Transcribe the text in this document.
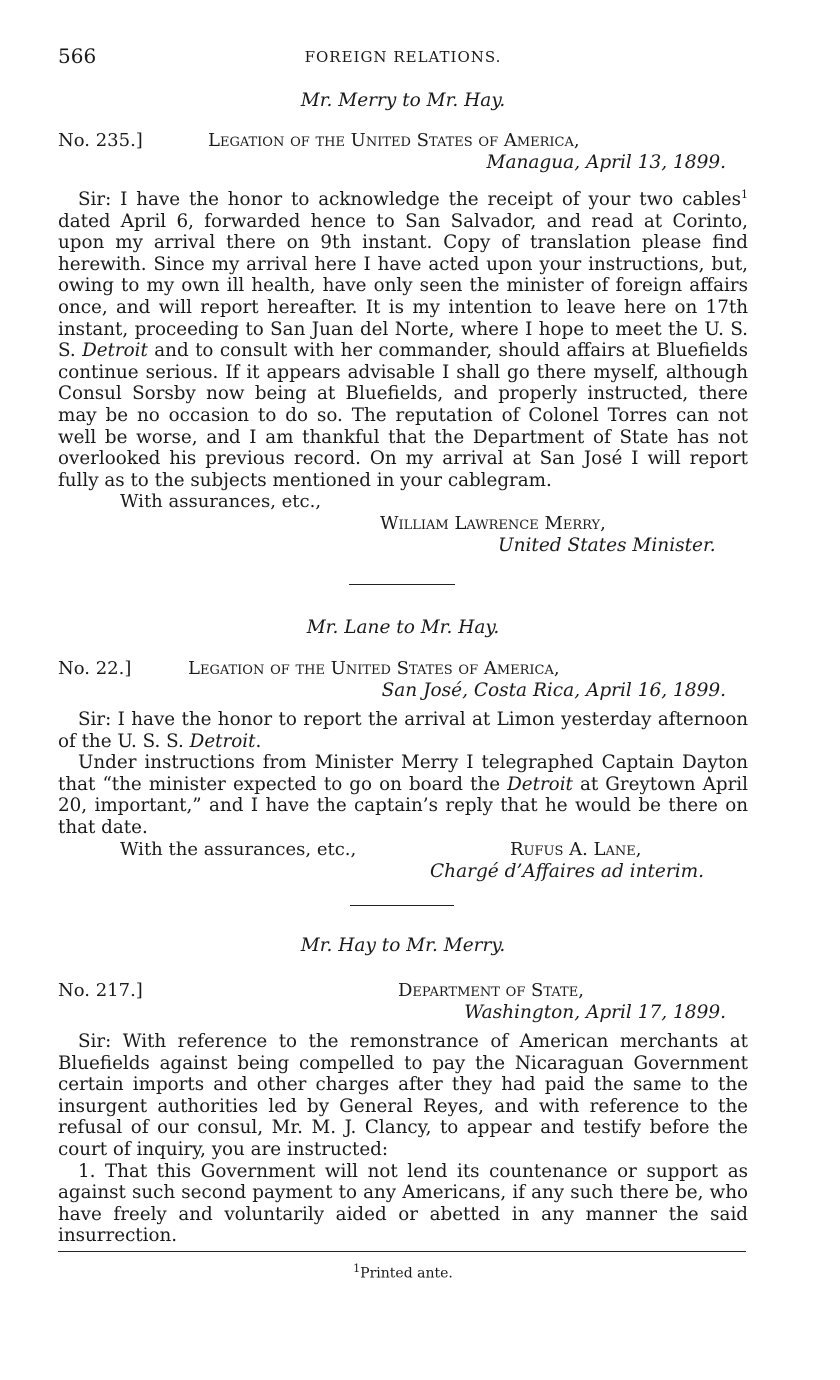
566	FOREIGN RELATIONS.
Mr. Merry to Mr. Hay.
No. 235.]	Legation of the United States of America,
Managua, April 13, 1899.

Sir: I have the honor to acknowledge the receipt of your two cables$^1$ dated April 6, forwarded hence to San Salvador, and read at Corinto, upon my arrival there on 9th instant. Copy of translation please find herewith. Since my arrival here I have acted upon your instructions, but, owing to my own ill health, have only seen the minister of foreign affairs once, and will report hereafter. It is my intention to leave here on 17th instant, proceeding to San Juan del Norte, where I hope to meet the U. S. S. Detroit and to consult with her commander, should affairs at Bluefields continue serious. If it appears advisable I shall go there myself, although Consul Sorsby now being at Bluefields, and properly instructed, there may be no occasion to do so. The reputation of Colonel Torres can not well be worse, and I am thankful that the Department of State has not overlooked his previous record. On my arrival at San José I will report fully as to the subjects mentioned in your cablegram.

With assurances, etc.,
William Lawrence Merry,
United States Minister.
Mr. Lane to Mr. Hay.
No. 22.]	Legation of the United States of America,
San José, Costa Rica, April 16, 1899.

Sir: I have the honor to report the arrival at Limon yesterday afternoon of the U. S. S. Detroit.

Under instructions from Minister Merry I telegraphed Captain Dayton that “the minister expected to go on board the Detroit at Greytown April 20, important,” and I have the captain’s reply that he would be there on that date.

With the assurances, etc.,	Rufus A. Lane,
Chargé d’Affaires ad interim.
Mr. Hay to Mr. Merry.
No. 217.]	Department of State,
Washington, April 17, 1899.

Sir: With reference to the remonstrance of American merchants at Bluefields against being compelled to pay the Nicaraguan Government certain imports and other charges after they had paid the same to the insurgent authorities led by General Reyes, and with reference to the refusal of our consul, Mr. M. J. Clancy, to appear and testify before the court of inquiry, you are instructed:

1. That this Government will not lend its countenance or support as against such second payment to any Americans, if any such there be, who have freely and voluntarily aided or abetted in any manner the said insurrection.

$^1$Printed ante.
